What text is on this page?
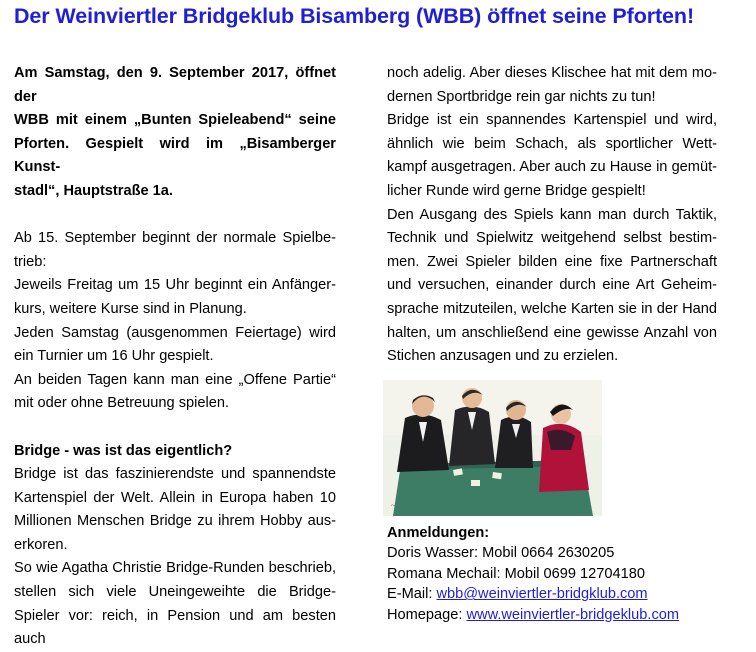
Der Weinviertler Bridgeklub Bisamberg (WBB) öffnet seine Pforten!

Am Samstag, den 9. September 2017, öffnet der

WBB mit einem „Bunten Spieleabend“ seine

Pforten. Gespielt wird im „Bisamberger Kunst-

stadl“, Hauptstraße 1a.

Ab 15. September beginnt der normale Spielbe-

trieb:

Jeweils Freitag um 15 Uhr beginnt ein Anfänger-

kurs, weitere Kurse sind in Planung.

Jeden Samstag (ausgenommen Feiertage) wird

ein Turnier um 16 Uhr gespielt.

An beiden Tagen kann man eine „Offene Partie“

mit oder ohne Betreuung spielen.

Bridge - was ist das eigentlich?

Bridge ist das faszinierendste und spannendste

Kartenspiel der Welt. Allein in Europa haben 10

Millionen Menschen Bridge zu ihrem Hobby aus-

erkoren.

So wie Agatha Christie Bridge-Runden beschrieb,

stellen sich viele Uneingeweihte die Bridge-

Spieler vor: reich, in Pension und am besten auch

noch adelig. Aber dieses Klischee hat mit dem mo-

dernen Sportbridge rein gar nichts zu tun!

Bridge ist ein spannendes Kartenspiel und wird,

ähnlich wie beim Schach, als sportlicher Wett-

kampf ausgetragen. Aber auch zu Hause in gemüt-

licher Runde wird gerne Bridge gespielt!

Den Ausgang des Spiels kann man durch Taktik,

Technik und Spielwitz weitgehend selbst bestim-

men. Zwei Spieler bilden eine fixe Partnerschaft

und versuchen, einander durch eine Art Geheim-

sprache mitzuteilen, welche Karten sie in der Hand

halten, um anschließend eine gewisse Anzahl von

Stichen anzusagen und zu erzielen.

~
Anmeldungen:
Doris Wasser: Mobil 0664 2630205
Romana Mechail: Mobil 0699 12704180
E-Mail: wbb@weinviertler-bridgklub.com
Homepage: www.weinviertler-bridgeklub.com
